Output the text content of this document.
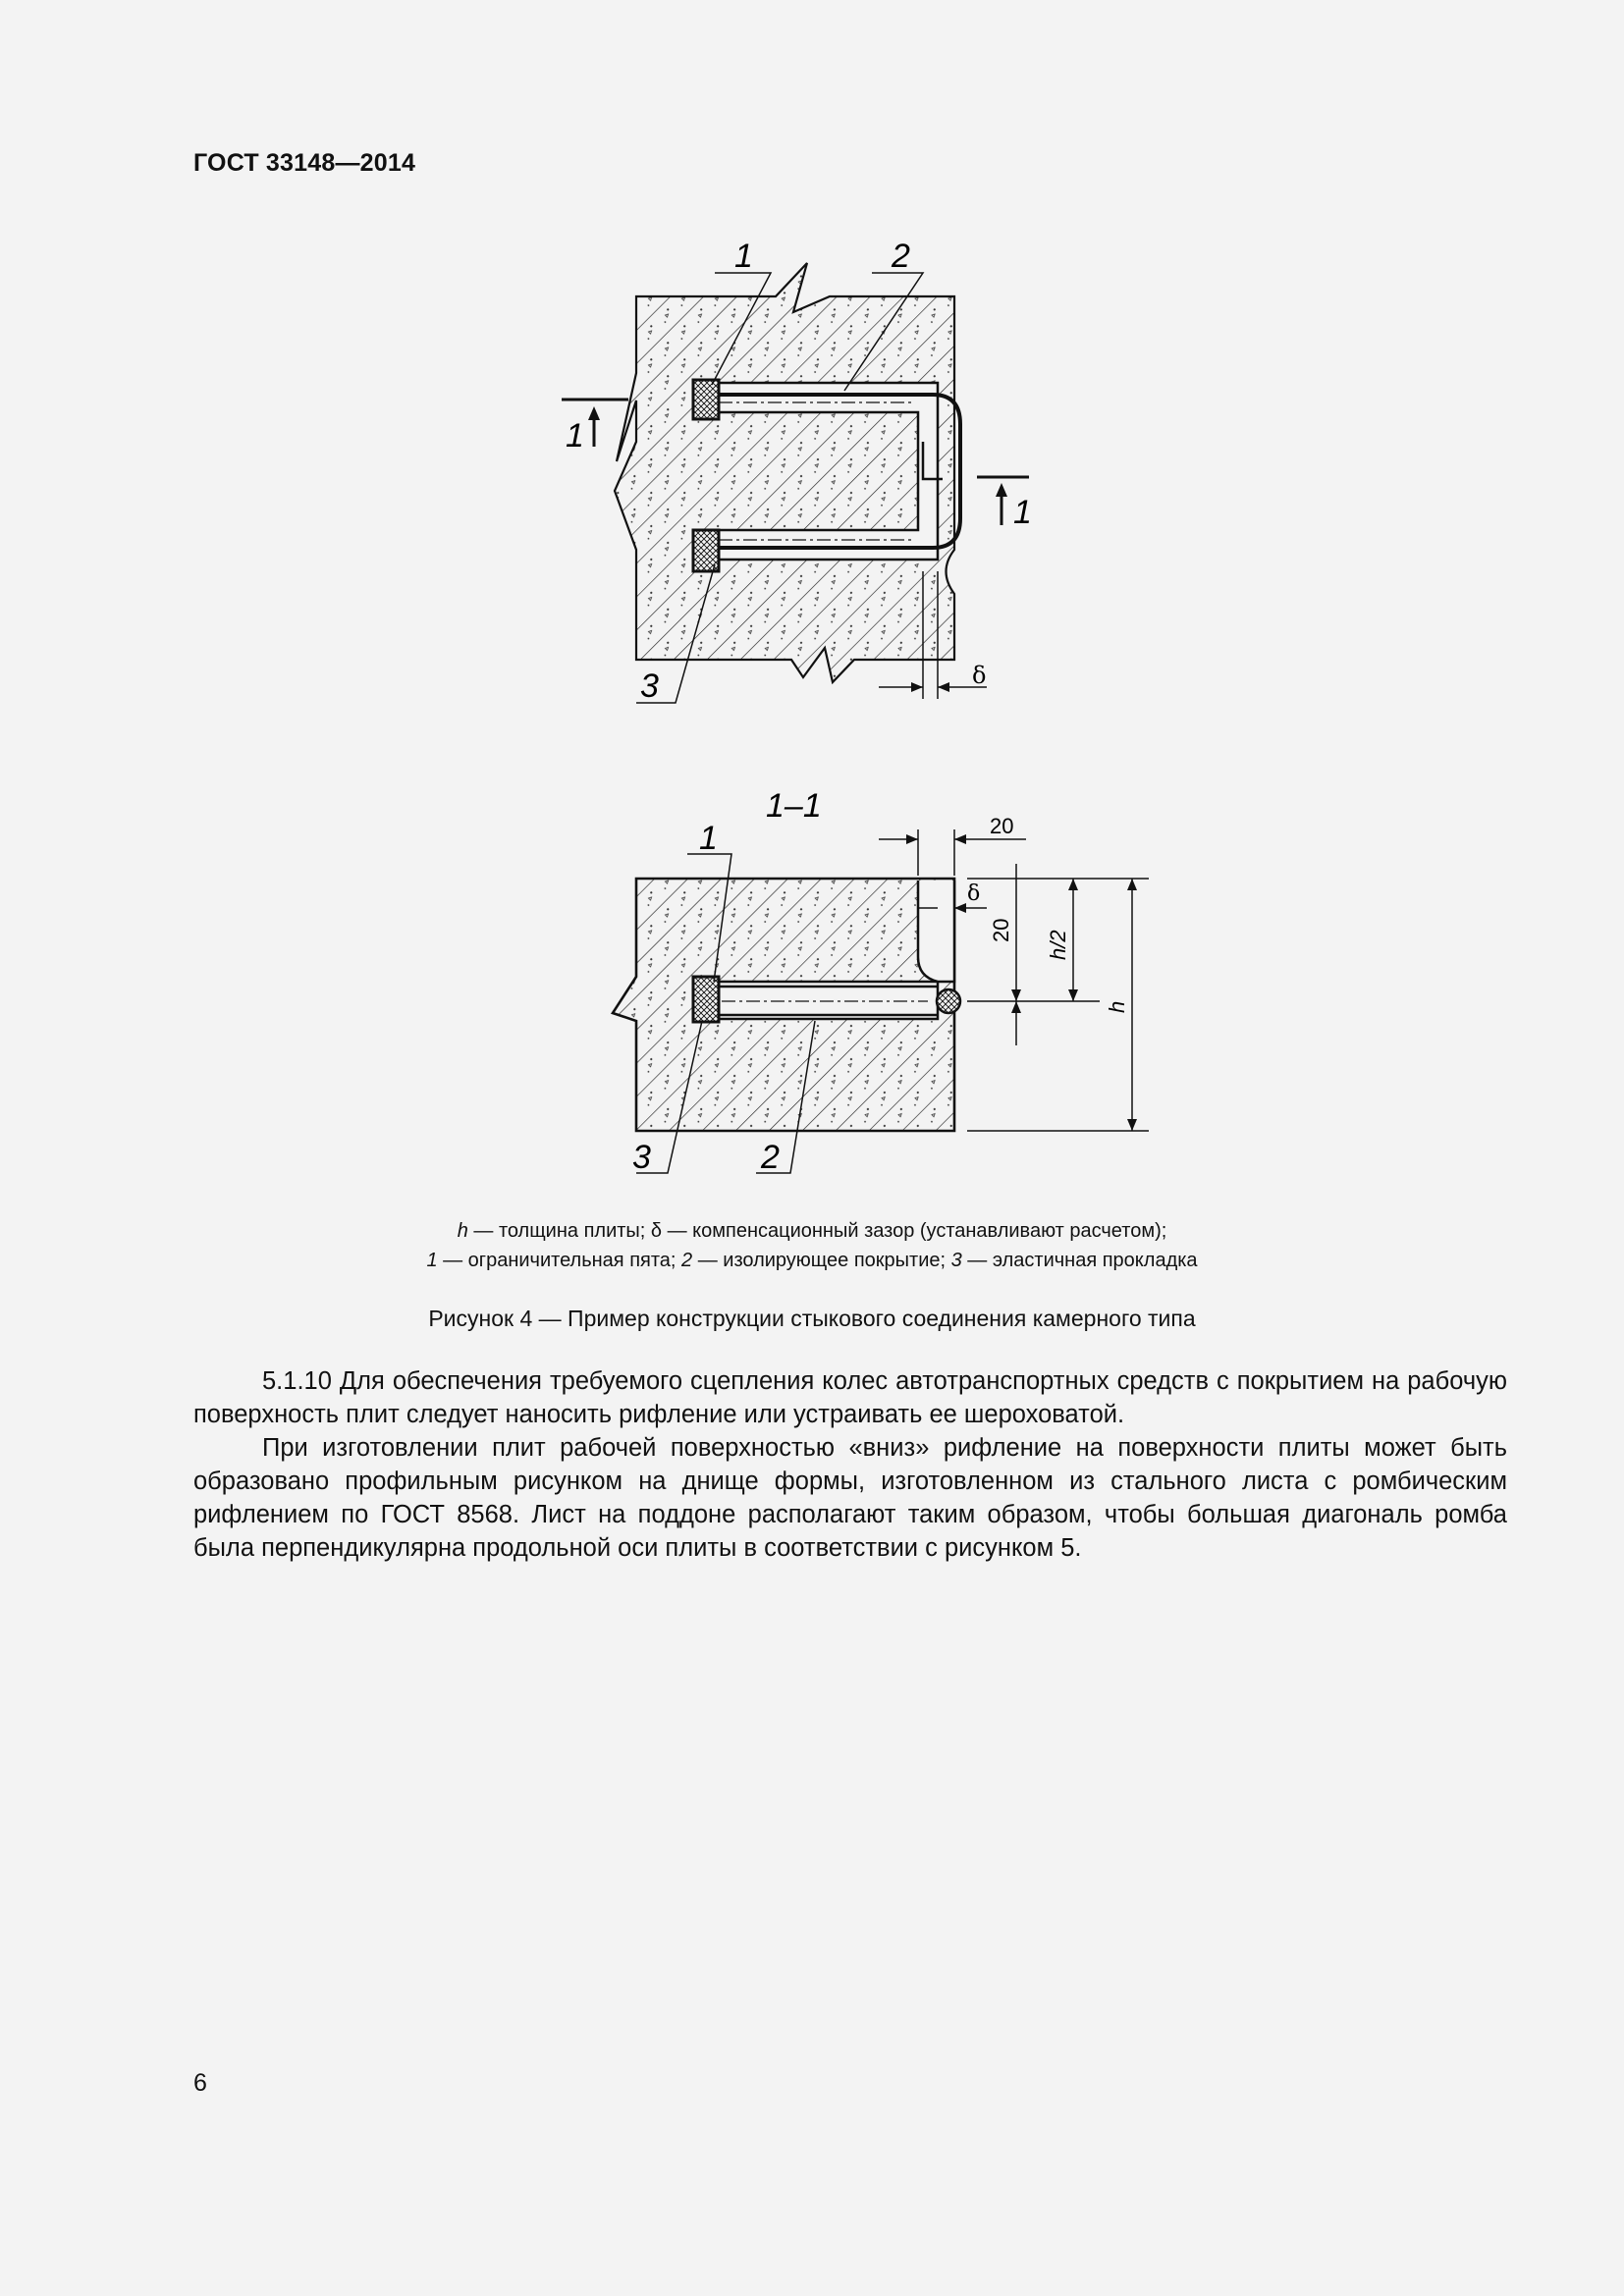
ГОСТ 33148—2014
1	2
3
1
1
δ
1–1
1
3	2
20
δ
20 h/2
h
h — толщина плиты; δ — компенсационный зазор (устанавливают расчетом);
1 — ограничительная пята; 2 — изолирующее покрытие; 3 — эластичная прокладка
Рисунок 4 — Пример конструкции стыкового соединения камерного типа

5.1.10 Для обеспечения требуемого сцепления колес автотранспортных средств с покрытием на рабочую поверхность плит следует наносить рифление или устраивать ее шероховатой.

При изготовлении плит рабочей поверхностью «вниз» рифление на поверхности плиты может быть образовано профильным рисунком на днище формы, изготовленном из стального листа с ромбическим рифлением по ГОСТ 8568. Лист на поддоне располагают таким образом, чтобы большая диагональ ромба была перпендикулярна продольной оси плиты в соответствии с рисунком 5.

6
